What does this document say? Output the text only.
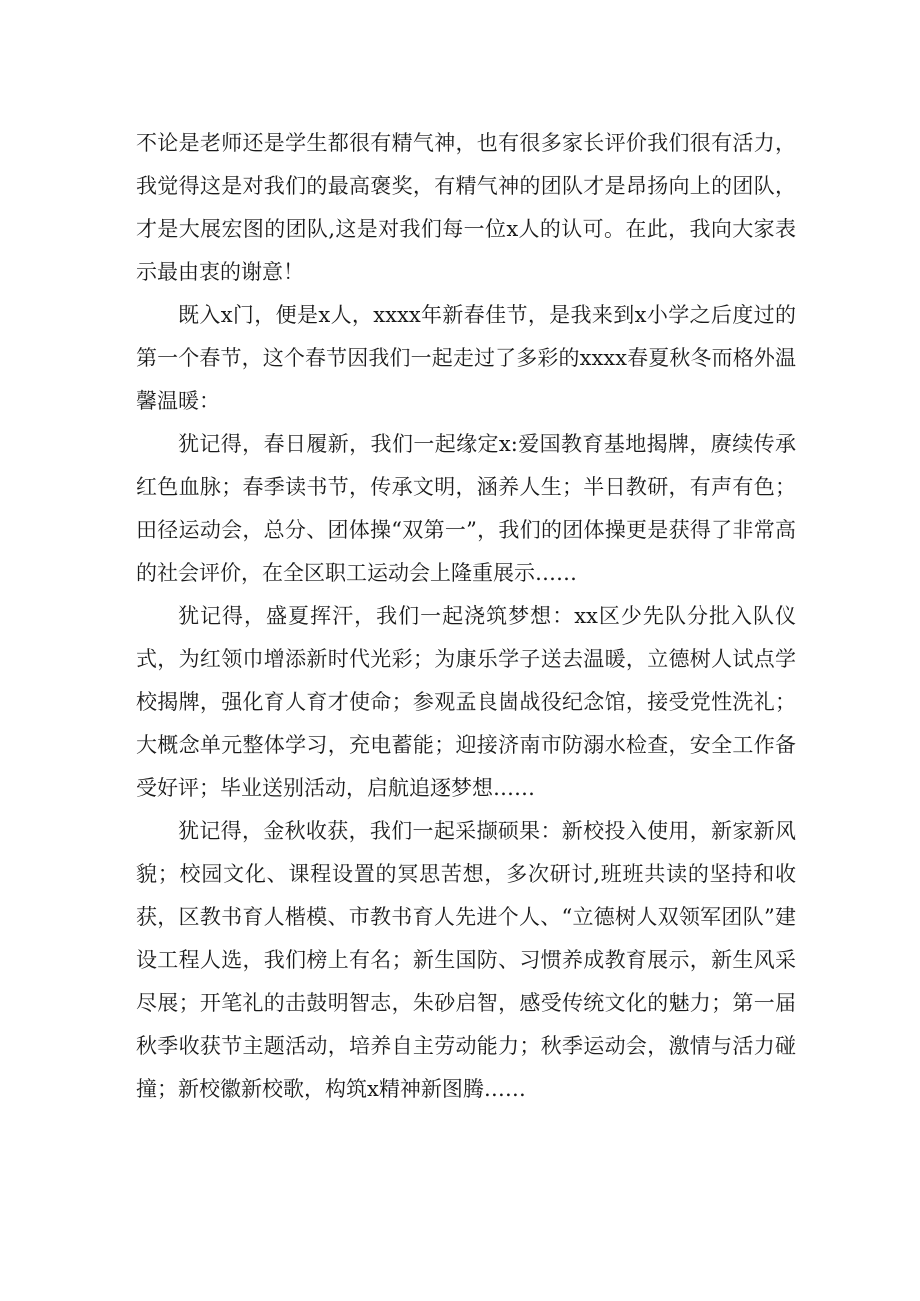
不论是老师还是学生都很有精气神，也有很多家长评价我们很有活力，我觉得这是对我们的最高褒奖，有精气神的团队才是昂扬向上的团队，才是大展宏图的团队,这是对我们每一位x人的认可。在此，我向大家表示最由衷的谢意！

既入x门，便是x人，xxxx年新春佳节，是我来到x小学之后度过的第一个春节，这个春节因我们一起走过了多彩的xxxx春夏秋冬而格外温馨温暖：

犹记得，春日履新，我们一起缘定x:爱国教育基地揭牌，赓续传承红色血脉；春季读书节，传承文明，涵养人生；半日教研，有声有色；田径运动会，总分、团体操“双第一”，我们的团体操更是获得了非常高的社会评价，在全区职工运动会上隆重展示……

犹记得，盛夏挥汗，我们一起浇筑梦想：xx区少先队分批入队仪式，为红领巾增添新时代光彩；为康乐学子送去温暖，立德树人试点学校揭牌，强化育人育才使命；参观孟良崮战役纪念馆，接受党性洗礼；大概念单元整体学习，充电蓄能；迎接济南市防溺水检查，安全工作备受好评；毕业送别活动，启航追逐梦想……

犹记得，金秋收获，我们一起采撷硕果：新校投入使用，新家新风貌；校园文化、课程设置的冥思苦想，多次研讨,班班共读的坚持和收获，区教书育人楷模、市教书育人先进个人、“立德树人双领军团队”建设工程人选，我们榜上有名；新生国防、习惯养成教育展示，新生风采尽展；开笔礼的击鼓明智志，朱砂启智，感受传统文化的魅力；第一届秋季收获节主题活动，培养自主劳动能力；秋季运动会，激情与活力碰撞；新校徽新校歌，构筑x精神新图腾……
